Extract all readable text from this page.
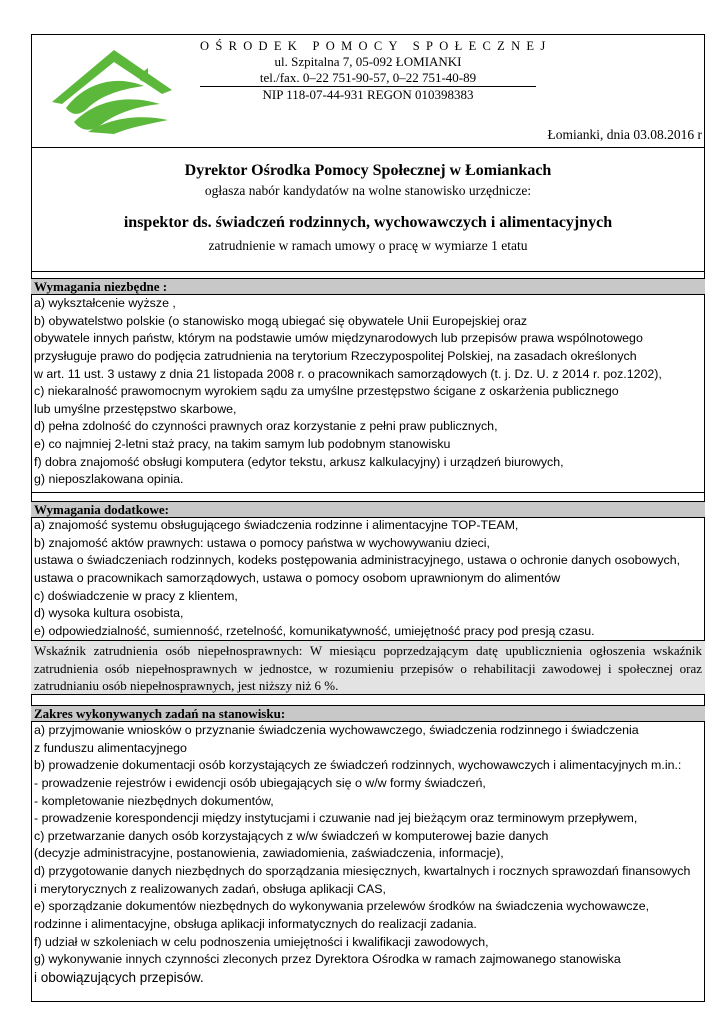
OŚRODEK POMOCY SPOŁECZNEJ
ul. Szpitalna 7, 05-092 ŁOMIANKI
tel./fax. 0–22 751-90-57, 0–22 751-40-89
NIP 118-07-44-931 REGON 010398383
Łomianki, dnia 03.08.2016 r
Dyrektor Ośrodka Pomocy Społecznej w Łomiankach
ogłasza nabór kandydatów na wolne stanowisko urzędnicze:
inspektor ds. świadczeń rodzinnych, wychowawczych i alimentacyjnych
zatrudnienie w ramach umowy o pracę w wymiarze 1 etatu
Wymagania niezbędne :
a) wykształcenie wyższe ,
b) obywatelstwo polskie (o stanowisko mogą ubiegać się obywatele Unii Europejskiej oraz
obywatele innych państw, którym na podstawie umów międzynarodowych lub przepisów prawa wspólnotowego
przysługuje prawo do podjęcia zatrudnienia na terytorium Rzeczypospolitej Polskiej, na zasadach określonych
w art. 11 ust. 3 ustawy z dnia 21 listopada 2008 r. o pracownikach samorządowych (t. j. Dz. U. z 2014 r. poz.1202),
c) niekaralność prawomocnym wyrokiem sądu za umyślne przestępstwo ścigane z oskarżenia publicznego
lub umyślne przestępstwo skarbowe,
d) pełna zdolność do czynności prawnych oraz korzystanie z pełni praw publicznych,
e) co najmniej 2-letni staż pracy, na takim samym lub podobnym stanowisku
f) dobra znajomość obsługi komputera (edytor tekstu, arkusz kalkulacyjny) i urządzeń biurowych,
g) nieposzlakowana opinia.
Wymagania dodatkowe:
a) znajomość systemu obsługującego świadczenia rodzinne i alimentacyjne TOP-TEAM,
b) znajomość aktów prawnych: ustawa o pomocy państwa w wychowywaniu dzieci,
ustawa o świadczeniach rodzinnych, kodeks postępowania administracyjnego, ustawa o ochronie danych osobowych,
ustawa o pracownikach samorządowych, ustawa o pomocy osobom uprawnionym do alimentów
c) doświadczenie w pracy z klientem,
d) wysoka kultura osobista,
e) odpowiedzialność, sumienność, rzetelność, komunikatywność, umiejętność pracy pod presją czasu.
Wskaźnik zatrudnienia osób niepełnosprawnych: W miesiącu poprzedzającym datę upublicznienia ogłoszenia wskaźnik
zatrudnienia osób niepełnosprawnych w jednostce, w rozumieniu przepisów o rehabilitacji zawodowej i społecznej oraz
zatrudnianiu osób niepełnosprawnych, jest niższy niż 6 %.
Zakres wykonywanych zadań na stanowisku:
a) przyjmowanie wniosków o przyznanie świadczenia wychowawczego, świadczenia rodzinnego i świadczenia
z funduszu alimentacyjnego
b) prowadzenie dokumentacji osób korzystających ze świadczeń rodzinnych, wychowawczych i alimentacyjnych m.in.:
- prowadzenie rejestrów i ewidencji osób ubiegających się o w/w formy świadczeń,
- kompletowanie niezbędnych dokumentów,
- prowadzenie korespondencji między instytucjami i czuwanie nad jej bieżącym oraz terminowym przepływem,
c) przetwarzanie danych osób korzystających z w/w świadczeń w komputerowej bazie danych
(decyzje administracyjne, postanowienia, zawiadomienia, zaświadczenia, informacje),
d) przygotowanie danych niezbędnych do sporządzania miesięcznych, kwartalnych i rocznych sprawozdań finansowych
i merytorycznych z realizowanych zadań, obsługa aplikacji CAS,
e) sporządzanie dokumentów niezbędnych do wykonywania przelewów środków na świadczenia wychowawcze,
rodzinne i alimentacyjne, obsługa aplikacji informatycznych do realizacji zadania.
f) udział w szkoleniach w celu podnoszenia umiejętności i kwalifikacji zawodowych,
g) wykonywanie innych czynności zleconych przez Dyrektora Ośrodka w ramach zajmowanego stanowiska
i obowiązujących przepisów.
